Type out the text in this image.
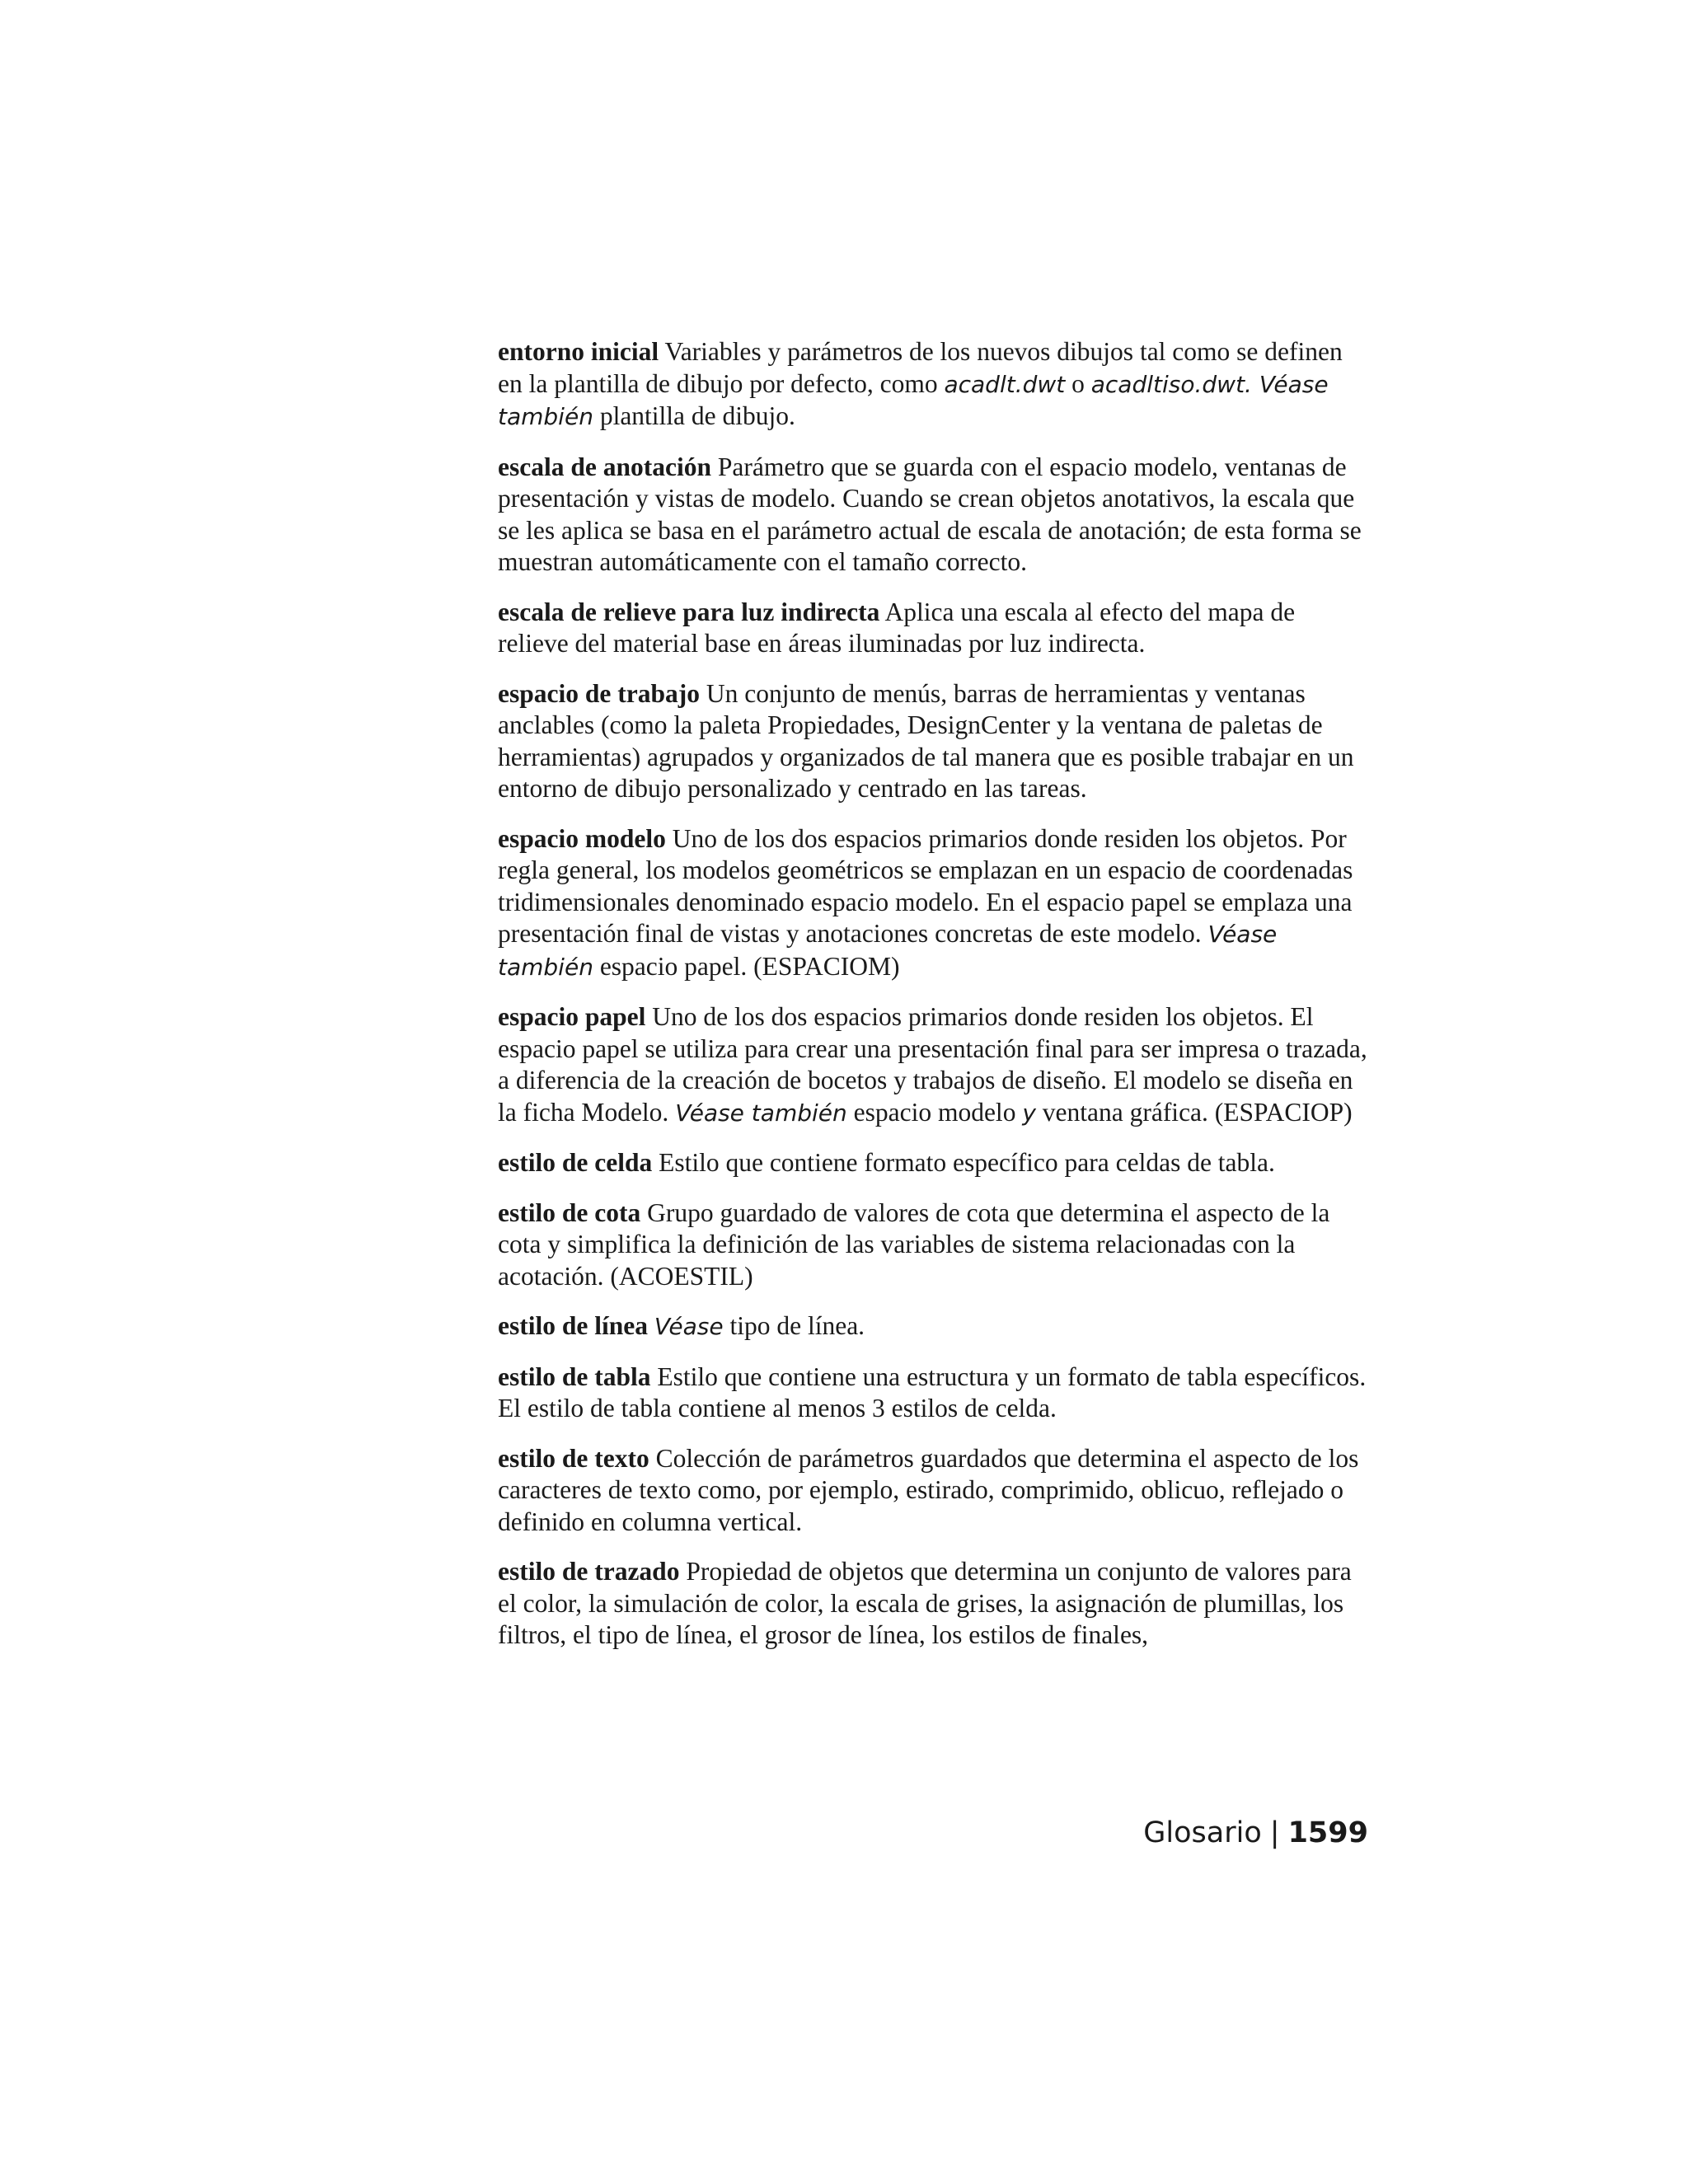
entorno inicial Variables y parámetros de los nuevos dibujos tal como se definen en la plantilla de dibujo por defecto, como acadlt.dwt o acadltiso.dwt. Véase también plantilla de dibujo.

escala de anotación Parámetro que se guarda con el espacio modelo, ventanas de presentación y vistas de modelo. Cuando se crean objetos anotativos, la escala que se les aplica se basa en el parámetro actual de escala de anotación; de esta forma se muestran automáticamente con el tamaño correcto.

escala de relieve para luz indirecta Aplica una escala al efecto del mapa de relieve del material base en áreas iluminadas por luz indirecta.

espacio de trabajo Un conjunto de menús, barras de herramientas y ventanas anclables (como la paleta Propiedades, DesignCenter y la ventana de paletas de herramientas) agrupados y organizados de tal manera que es posible trabajar en un entorno de dibujo personalizado y centrado en las tareas.

espacio modelo Uno de los dos espacios primarios donde residen los objetos. Por regla general, los modelos geométricos se emplazan en un espacio de coordenadas tridimensionales denominado espacio modelo. En el espacio papel se emplaza una presentación final de vistas y anotaciones concretas de este modelo. Véase también espacio papel. (ESPACIOM)

espacio papel Uno de los dos espacios primarios donde residen los objetos. El espacio papel se utiliza para crear una presentación final para ser impresa o trazada, a diferencia de la creación de bocetos y trabajos de diseño. El modelo se diseña en la ficha Modelo. Véase también espacio modelo y ventana gráfica. (ESPACIOP)

estilo de celda Estilo que contiene formato específico para celdas de tabla.

estilo de cota Grupo guardado de valores de cota que determina el aspecto de la cota y simplifica la definición de las variables de sistema relacionadas con la acotación. (ACOESTIL)

estilo de línea Véase tipo de línea.

estilo de tabla Estilo que contiene una estructura y un formato de tabla específicos. El estilo de tabla contiene al menos 3 estilos de celda.

estilo de texto Colección de parámetros guardados que determina el aspecto de los caracteres de texto como, por ejemplo, estirado, comprimido, oblicuo, reflejado o definido en columna vertical.

estilo de trazado Propiedad de objetos que determina un conjunto de valores para el color, la simulación de color, la escala de grises, la asignación de plumillas, los filtros, el tipo de línea, el grosor de línea, los estilos de finales,

Glosario | 1599
